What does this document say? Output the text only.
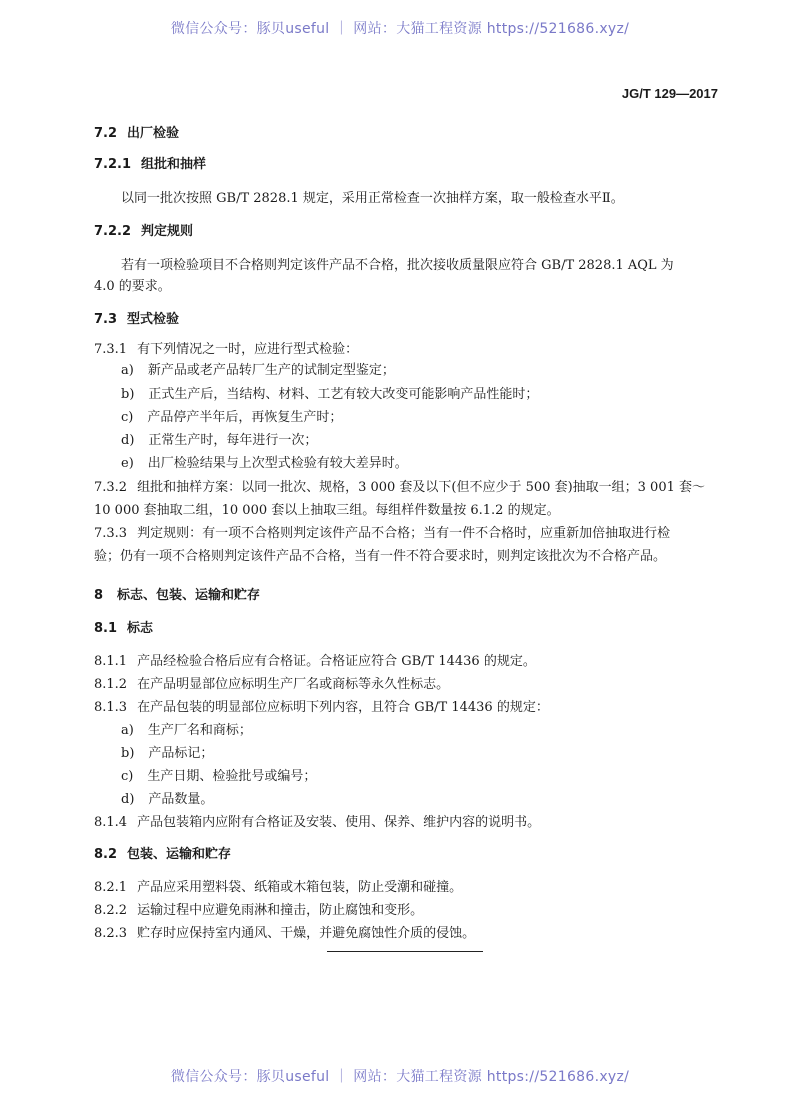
微信公众号：豚贝useful ｜ 网站：大猫工程资源 https://521686.xyz/
JG/T 129—2017
7.2 出厂检验
7.2.1 组批和抽样
以同一批次按照 GB/T 2828.1 规定，采用正常检查一次抽样方案，取一般检查水平Ⅱ。
7.2.2 判定规则
若有一项检验项目不合格则判定该件产品不合格，批次接收质量限应符合 GB/T 2828.1 AQL 为
4.0 的要求。
7.3 型式检验
7.3.1 有下列情况之一时，应进行型式检验：
a) 新产品或老产品转厂生产的试制定型鉴定；
b) 正式生产后，当结构、材料、工艺有较大改变可能影响产品性能时；
c) 产品停产半年后，再恢复生产时；
d) 正常生产时，每年进行一次；
e) 出厂检验结果与上次型式检验有较大差异时。
7.3.2 组批和抽样方案：以同一批次、规格，3 000 套及以下(但不应少于 500 套)抽取一组；3 001 套～
10 000 套抽取二组，10 000 套以上抽取三组。每组样件数量按 6.1.2 的规定。
7.3.3 判定规则：有一项不合格则判定该件产品不合格；当有一件不合格时，应重新加倍抽取进行检
验；仍有一项不合格则判定该件产品不合格，当有一件不符合要求时，则判定该批次为不合格产品。
8 标志、包装、运输和贮存
8.1 标志
8.1.1 产品经检验合格后应有合格证。合格证应符合 GB/T 14436 的规定。
8.1.2 在产品明显部位应标明生产厂名或商标等永久性标志。
8.1.3 在产品包装的明显部位应标明下列内容，且符合 GB/T 14436 的规定：
a) 生产厂名和商标；
b) 产品标记；
c) 生产日期、检验批号或编号；
d) 产品数量。
8.1.4 产品包装箱内应附有合格证及安装、使用、保养、维护内容的说明书。
8.2 包装、运输和贮存
8.2.1 产品应采用塑料袋、纸箱或木箱包装，防止受潮和碰撞。
8.2.2 运输过程中应避免雨淋和撞击，防止腐蚀和变形。
8.2.3 贮存时应保持室内通风、干燥，并避免腐蚀性介质的侵蚀。
微信公众号：豚贝useful ｜ 网站：大猫工程资源 https://521686.xyz/
